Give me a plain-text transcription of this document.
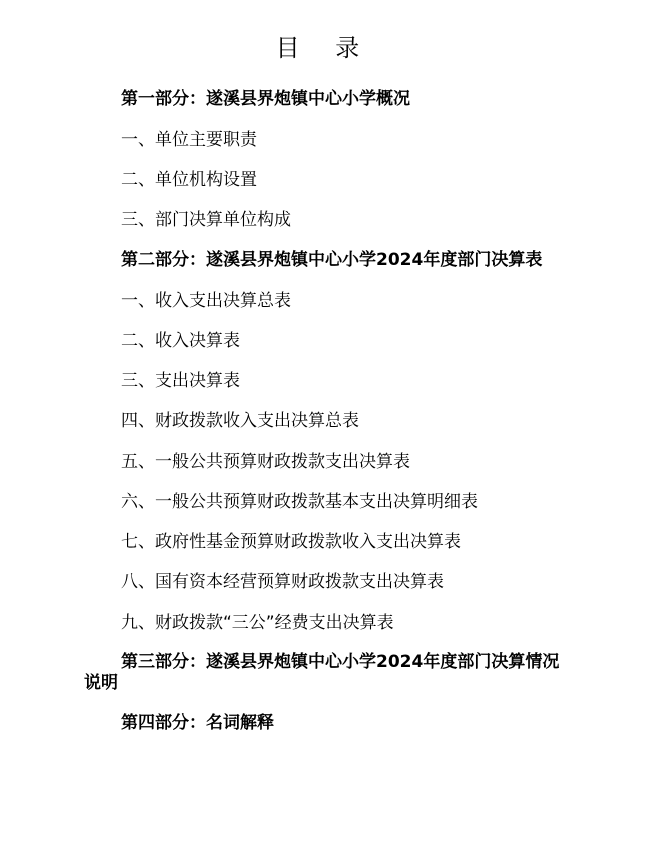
目 录
第一部分：遂溪县界炮镇中心小学概况
一、单位主要职责
二、单位机构设置
三、部门决算单位构成
第二部分：遂溪县界炮镇中心小学2024年度部门决算表
一、收入支出决算总表
二、收入决算表
三、支出决算表
四、财政拨款收入支出决算总表
五、一般公共预算财政拨款支出决算表
六、一般公共预算财政拨款基本支出决算明细表
七、政府性基金预算财政拨款收入支出决算表
八、国有资本经营预算财政拨款支出决算表
九、财政拨款“三公”经费支出决算表
第三部分：遂溪县界炮镇中心小学2024年度部门决算情况说明
第四部分：名词解释
